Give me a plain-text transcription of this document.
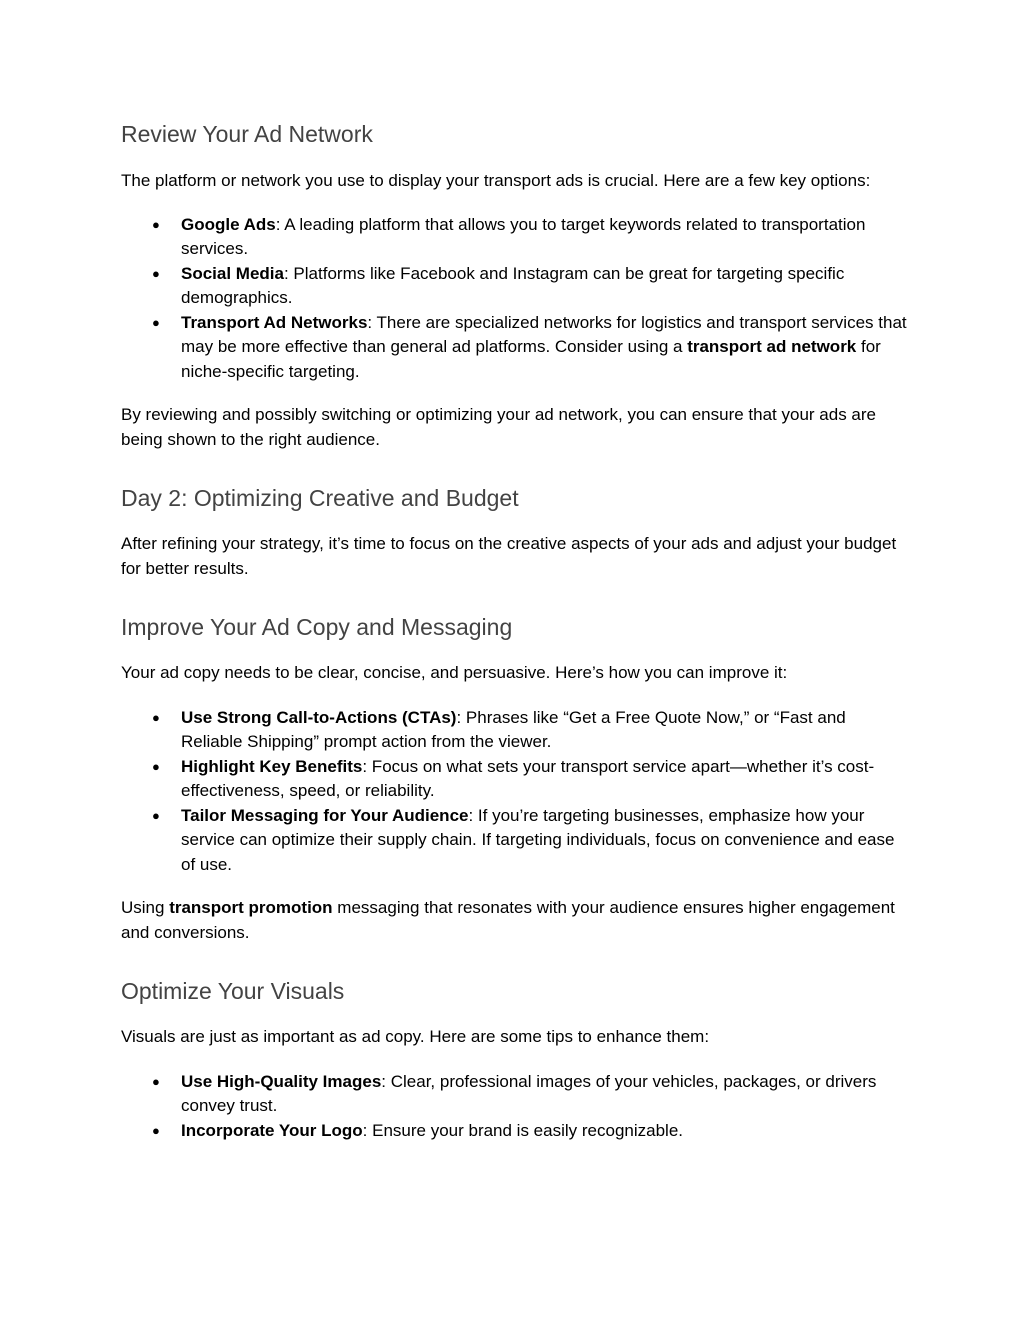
Review Your Ad Network

The platform or network you use to display your transport ads is crucial. Here are a few key options:

● Google Ads: A leading platform that allows you to target keywords related to transportation services.
● Social Media: Platforms like Facebook and Instagram can be great for targeting specific demographics.
● Transport Ad Networks: There are specialized networks for logistics and transport services that may be more effective than general ad platforms. Consider using a transport ad network for niche-specific targeting.

By reviewing and possibly switching or optimizing your ad network, you can ensure that your ads are being shown to the right audience.

Day 2: Optimizing Creative and Budget

After refining your strategy, it’s time to focus on the creative aspects of your ads and adjust your budget for better results.

Improve Your Ad Copy and Messaging

Your ad copy needs to be clear, concise, and persuasive. Here’s how you can improve it:

● Use Strong Call-to-Actions (CTAs): Phrases like “Get a Free Quote Now,” or “Fast and Reliable Shipping” prompt action from the viewer.
● Highlight Key Benefits: Focus on what sets your transport service apart—whether it’s cost-effectiveness, speed, or reliability.
● Tailor Messaging for Your Audience: If you’re targeting businesses, emphasize how your service can optimize their supply chain. If targeting individuals, focus on convenience and ease of use.

Using transport promotion messaging that resonates with your audience ensures higher engagement and conversions.

Optimize Your Visuals

Visuals are just as important as ad copy. Here are some tips to enhance them:

● Use High-Quality Images: Clear, professional images of your vehicles, packages, or drivers convey trust.
● Incorporate Your Logo: Ensure your brand is easily recognizable.
